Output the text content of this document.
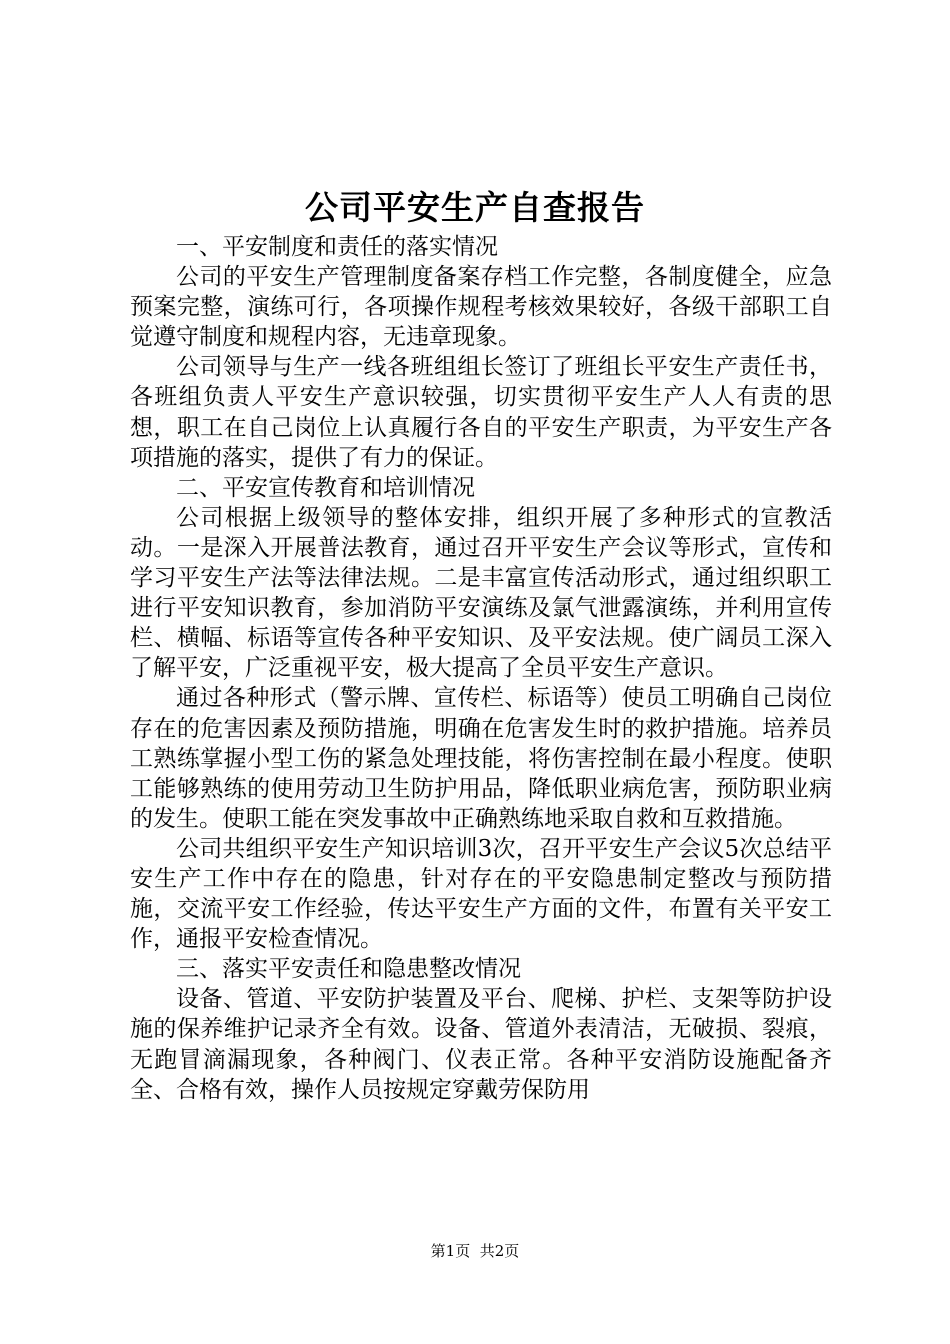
公司平安生产自查报告

一、平安制度和责任的落实情况

公司的平安生产管理制度备案存档工作完整，各制度健全，应急预案完整，演练可行，各项操作规程考核效果较好，各级干部职工自觉遵守制度和规程内容，无违章现象。

公司领导与生产一线各班组组长签订了班组长平安生产责任书，各班组负责人平安生产意识较强，切实贯彻平安生产人人有责的思想，职工在自己岗位上认真履行各自的平安生产职责，为平安生产各项措施的落实，提供了有力的保证。

二、平安宣传教育和培训情况

公司根据上级领导的整体安排，组织开展了多种形式的宣教活动。一是深入开展普法教育，通过召开平安生产会议等形式，宣传和学习平安生产法等法律法规。二是丰富宣传活动形式，通过组织职工进行平安知识教育，参加消防平安演练及氯气泄露演练，并利用宣传栏、横幅、标语等宣传各种平安知识、及平安法规。使广阔员工深入了解平安，广泛重视平安，极大提高了全员平安生产意识。

通过各种形式（警示牌、宣传栏、标语等）使员工明确自己岗位存在的危害因素及预防措施，明确在危害发生时的救护措施。培养员工熟练掌握小型工伤的紧急处理技能，将伤害控制在最小程度。使职工能够熟练的使用劳动卫生防护用品，降低职业病危害，预防职业病的发生。使职工能在突发事故中正确熟练地采取自救和互救措施。

公司共组织平安生产知识培训3次，召开平安生产会议5次总结平安生产工作中存在的隐患，针对存在的平安隐患制定整改与预防措施，交流平安工作经验，传达平安生产方面的文件，布置有关平安工作，通报平安检查情况。

三、落实平安责任和隐患整改情况

设备、管道、平安防护装置及平台、爬梯、护栏、支架等防护设施的保养维护记录齐全有效。设备、管道外表清洁，无破损、裂痕，无跑冒滴漏现象，各种阀门、仪表正常。各种平安消防设施配备齐全、合格有效，操作人员按规定穿戴劳保防用

第1页 共2页
